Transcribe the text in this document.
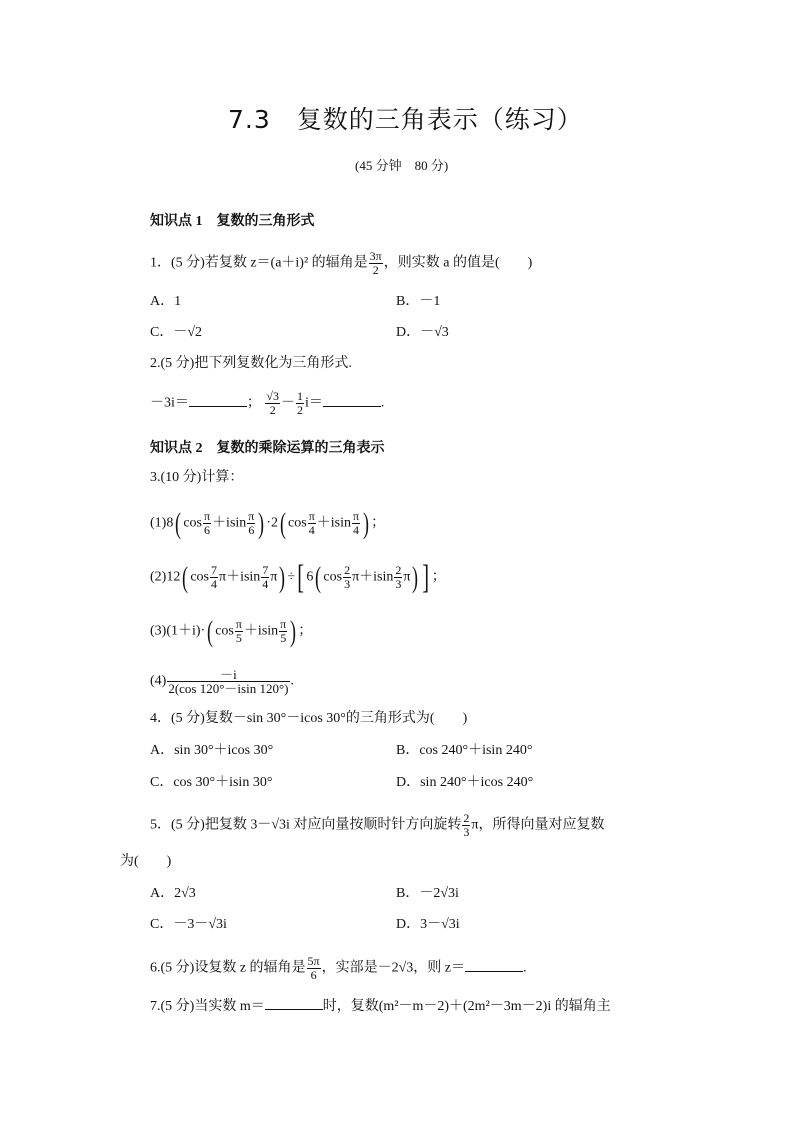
7.3　复数的三角表示（练习）
(45 分钟　80 分)
知识点 1　复数的三角形式
1．(5 分)若复数 z＝(a＋i)² 的辐角是 $\frac{3\pi}{2}$ ，则实数 a 的值是(　　)
A．1	B．－1
C．－√2	D．－√3
2.(5 分)把下列复数化为三角形式.
－3i＝	； $\frac{√3}{2} - \frac{1}{2} i=$	.
知识点 2　复数的乘除运算的三角表示
3.(10 分)计算：
(1)8( $\cos \frac{\pi}{6} +isin \frac{\pi}{6}$ ) ·2( $\cos \frac{\pi}{4} +isin \frac{\pi}{4}$ ) ；
(2)12( $\cos \frac{7}{4} \pi+isin \frac{7}{4} \pi$) ÷[ 6( $\cos \frac{2}{3} \pi+isin \frac{2}{3} \pi$) ] ；
(3)(1＋i)·( $\cos \frac{\pi}{5} +isin \frac{\pi}{5}$ ) ；
$(4) \frac{-i}{2(\cos 120^\circ-isin 120^\circ)}$ .
4．(5 分)复数－sin 30°－icos 30°的三角形式为(　　)
A．sin 30°＋icos 30°	B．cos 240°＋isin 240°
C．cos 30°＋isin 30°	D．sin 240°＋icos 240°
5．(5 分)把复数 3－√3i 对应向量按顺时针方向旋转 $\frac{2}{3}$ π，所得向量对应复数
为(　　)
A．2√3	B．－2√3i
C．－3－√3i	D．3－√3i
6.(5 分)设复数 z 的辐角是 $\frac{5\pi}{6}$ ，实部是－2√3，则 z＝	.
7.(5 分)当实数 m＝	时，复数(m²－m－2)＋(2m²－3m－2)i 的辐角主
